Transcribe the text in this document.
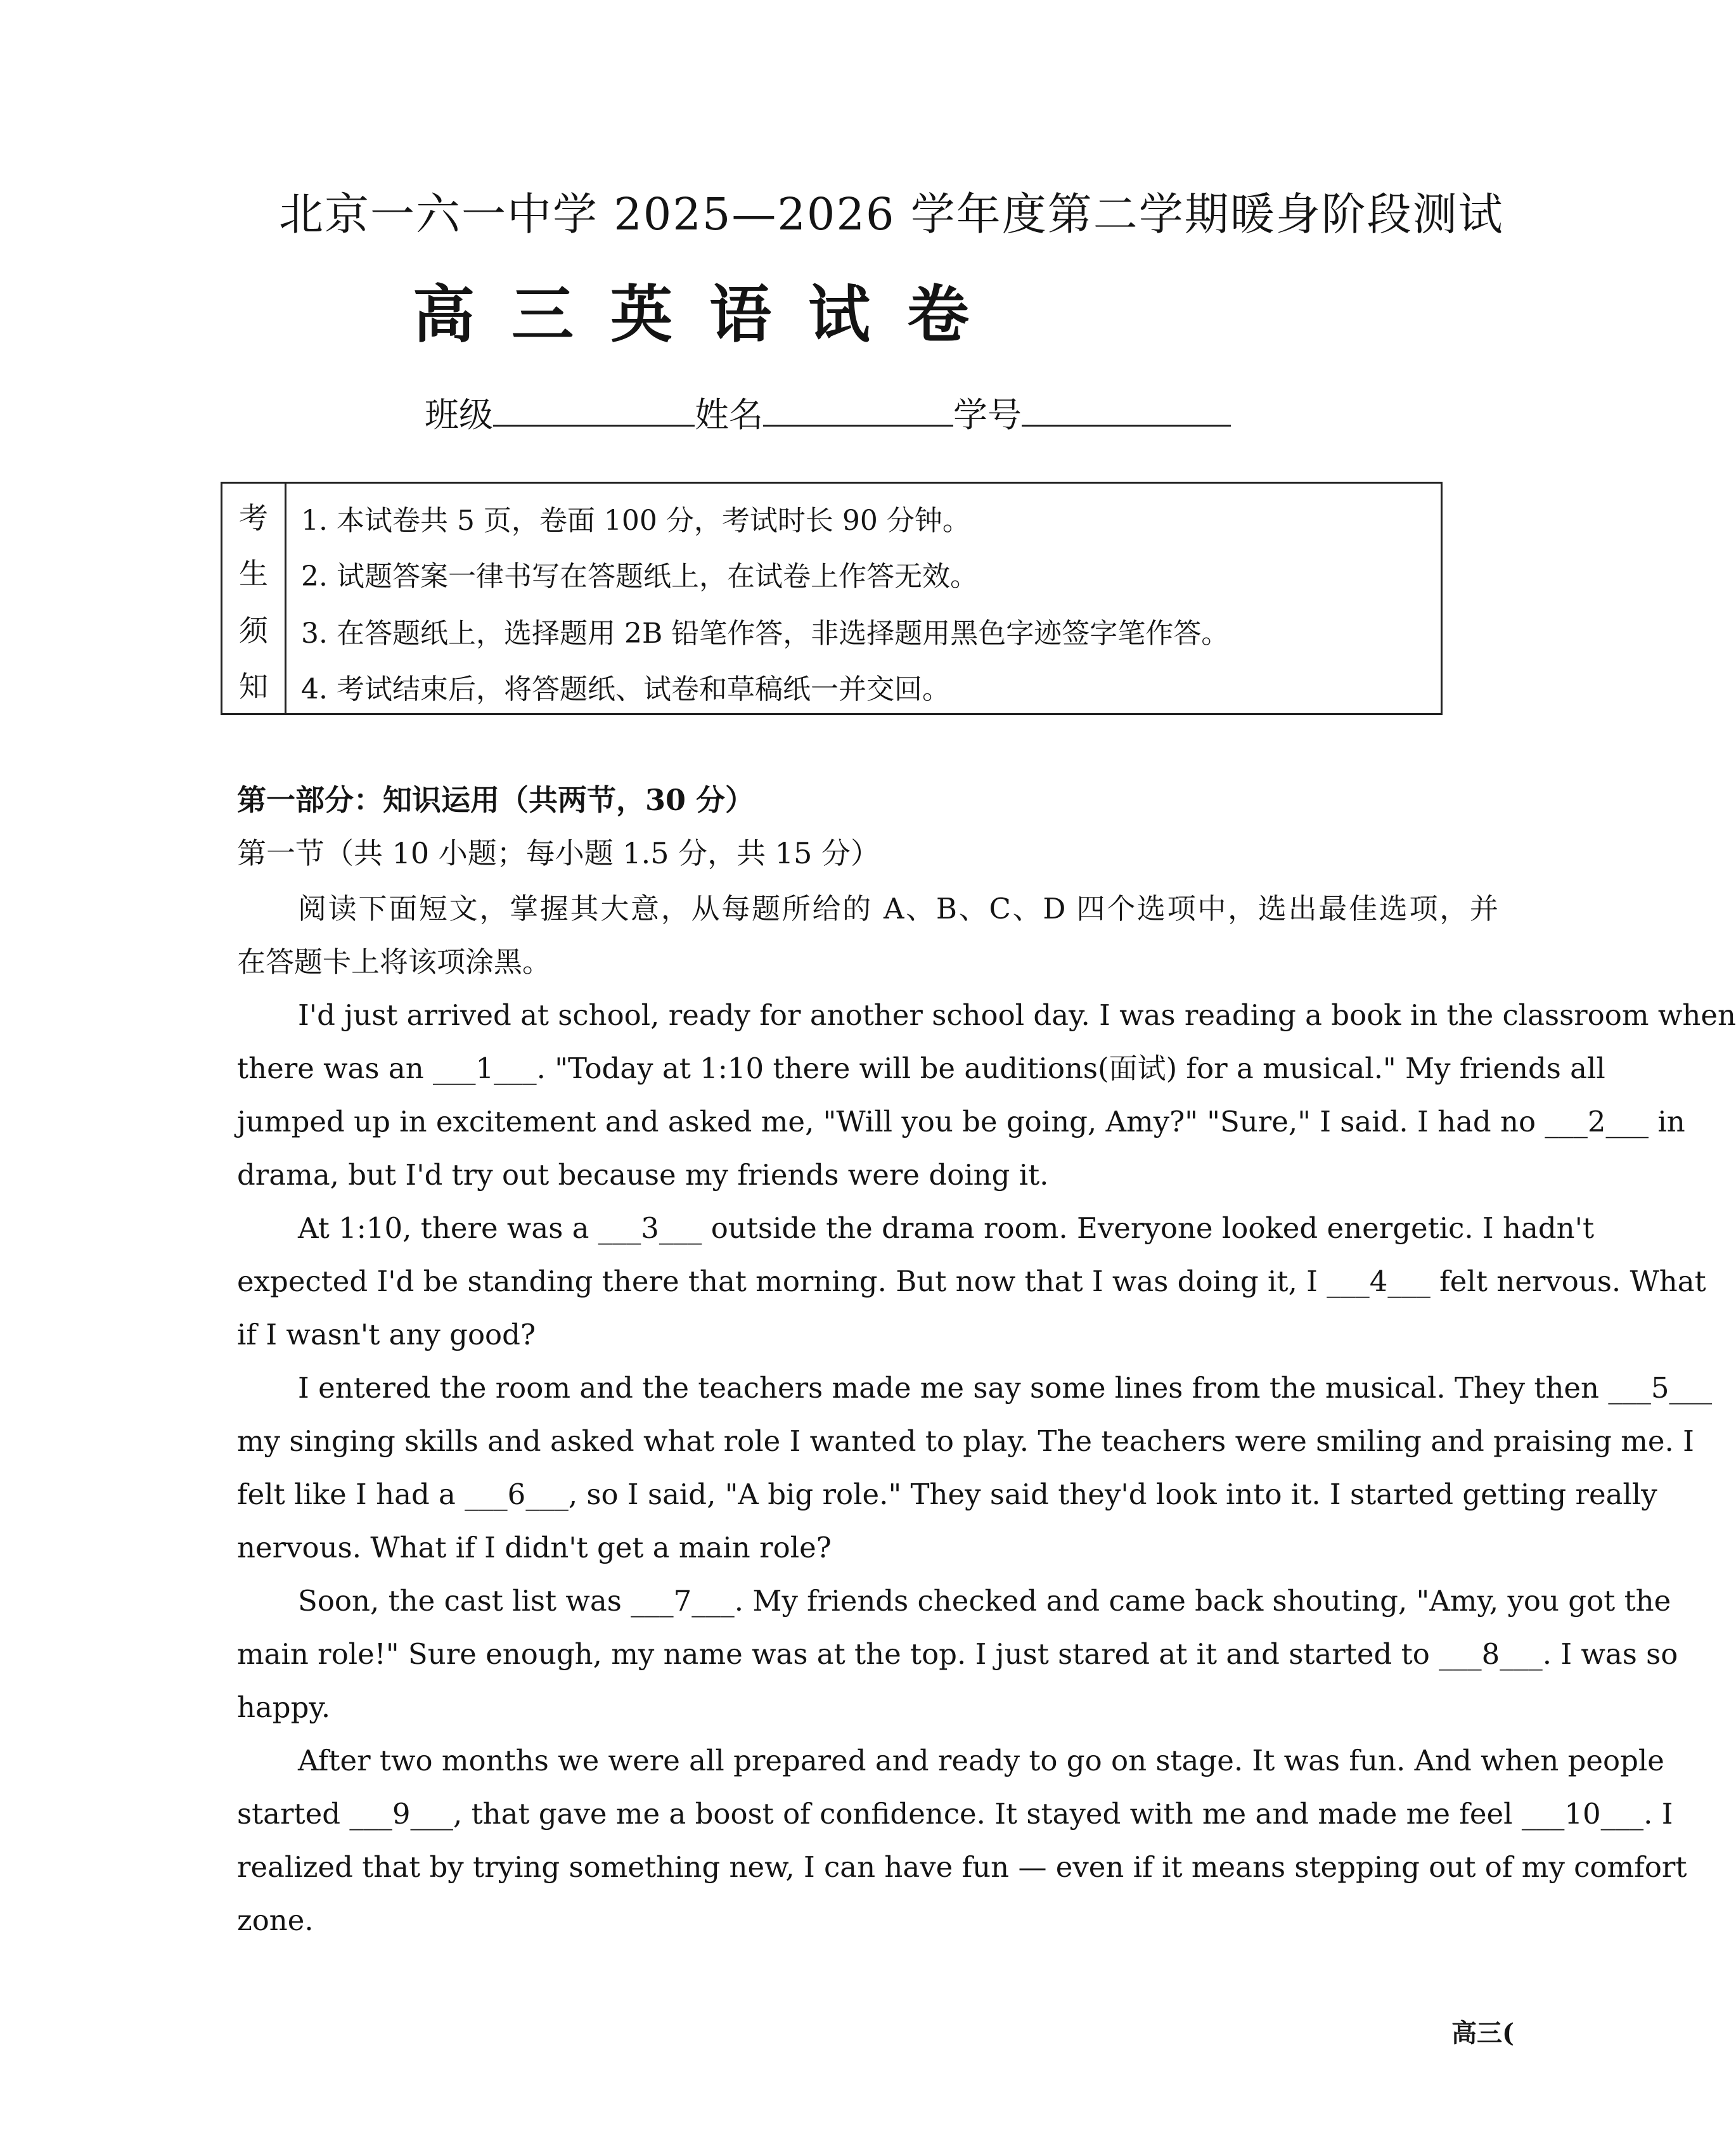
北京一六一中学 2025—2026 学年度第二学期暖身阶段测试
高三英语试卷
班级	姓名	学号
考
生
须
知
1. 本试卷共 5 页，卷面 100 分，考试时长 90 分钟。
2. 试题答案一律书写在答题纸上，在试卷上作答无效。
3. 在答题纸上，选择题用 2B 铅笔作答，非选择题用黑色字迹签字笔作答。
4. 考试结束后，将答题纸、试卷和草稿纸一并交回。
第一部分：知识运用（共两节，30 分）
第一节（共 10 小题；每小题 1.5 分，共 15 分）
阅读下面短文，掌握其大意，从每题所给的 A、B、C、D 四个选项中，选出最佳选项，并
在答题卡上将该项涂黑。

I'd just arrived at school, ready for another school day. I was reading a book in the classroom when
there was an ___1___. "Today at 1:10 there will be auditions(面试) for a musical." My friends all
jumped up in excitement and asked me, "Will you be going, Amy?" "Sure," I said. I had no ___2___ in
drama, but I'd try out because my friends were doing it.

At 1:10, there was a ___3___ outside the drama room. Everyone looked energetic. I hadn't
expected I'd be standing there that morning. But now that I was doing it, I ___4___ felt nervous. What
if I wasn't any good?

I entered the room and the teachers made me say some lines from the musical. They then ___5___
my singing skills and asked what role I wanted to play. The teachers were smiling and praising me. I
felt like I had a ___6___, so I said, "A big role." They said they'd look into it. I started getting really
nervous. What if I didn't get a main role?

Soon, the cast list was ___7___. My friends checked and came back shouting, "Amy, you got the
main role!" Sure enough, my name was at the top. I just stared at it and started to ___8___. I was so
happy.

After two months we were all prepared and ready to go on stage. It was fun. And when people
started ___9___, that gave me a boost of confidence. It stayed with me and made me feel ___10___. I
realized that by trying something new, I can have fun — even if it means stepping out of my comfort
zone.

高三(
